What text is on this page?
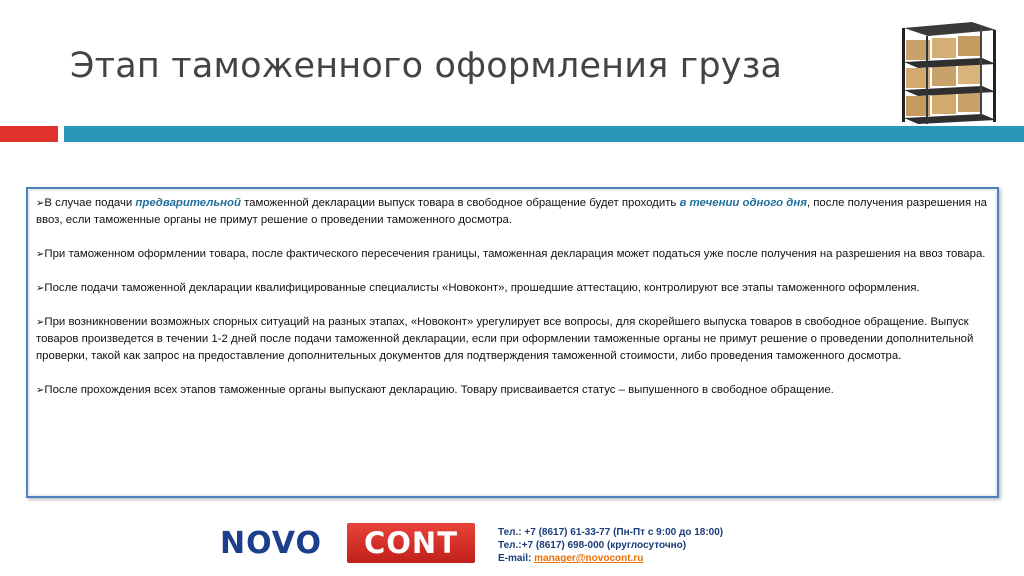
Этап таможенного оформления груза

➢В случае подачи предварительной таможенной декларации выпуск товара в свободное обращение будет проходить в течении одного дня, после получения разрешения на ввоз, если таможенные органы не примут решение о проведении таможенного досмотра.

➢При таможенном оформлении товара, после фактического пересечения границы, таможенная декларация может податься уже после получения на разрешения на ввоз товара.

➢После подачи таможенной декларации квалифицированные специалисты «Новоконт», прошедшие аттестацию, контролируют все этапы таможенного оформления.

➢При возникновении возможных спорных ситуаций на разных этапах, «Новоконт» урегулирует все вопросы, для скорейшего выпуска товаров в свободное обращение. Выпуск товаров произведется в течении 1-2 дней после подачи таможенной декларации, если при оформлении таможенные органы не примут решение о проведении дополнительной проверки, такой как запрос на предоставление дополнительных документов для подтверждения таможенной стоимости, либо проведения таможенного досмотра.

➢После прохождения всех этапов таможенные органы выпускают декларацию. Товару присваивается статус – выпушенного в свободное обращение.

NOVO	CONT	Тел.: +7 (8617) 61-33-77 (Пн-Пт с 9:00 до 18:00)
Тел.:+7 (8617) 698-000 (круглосуточно)
E-mail: manager@novocont.ru
